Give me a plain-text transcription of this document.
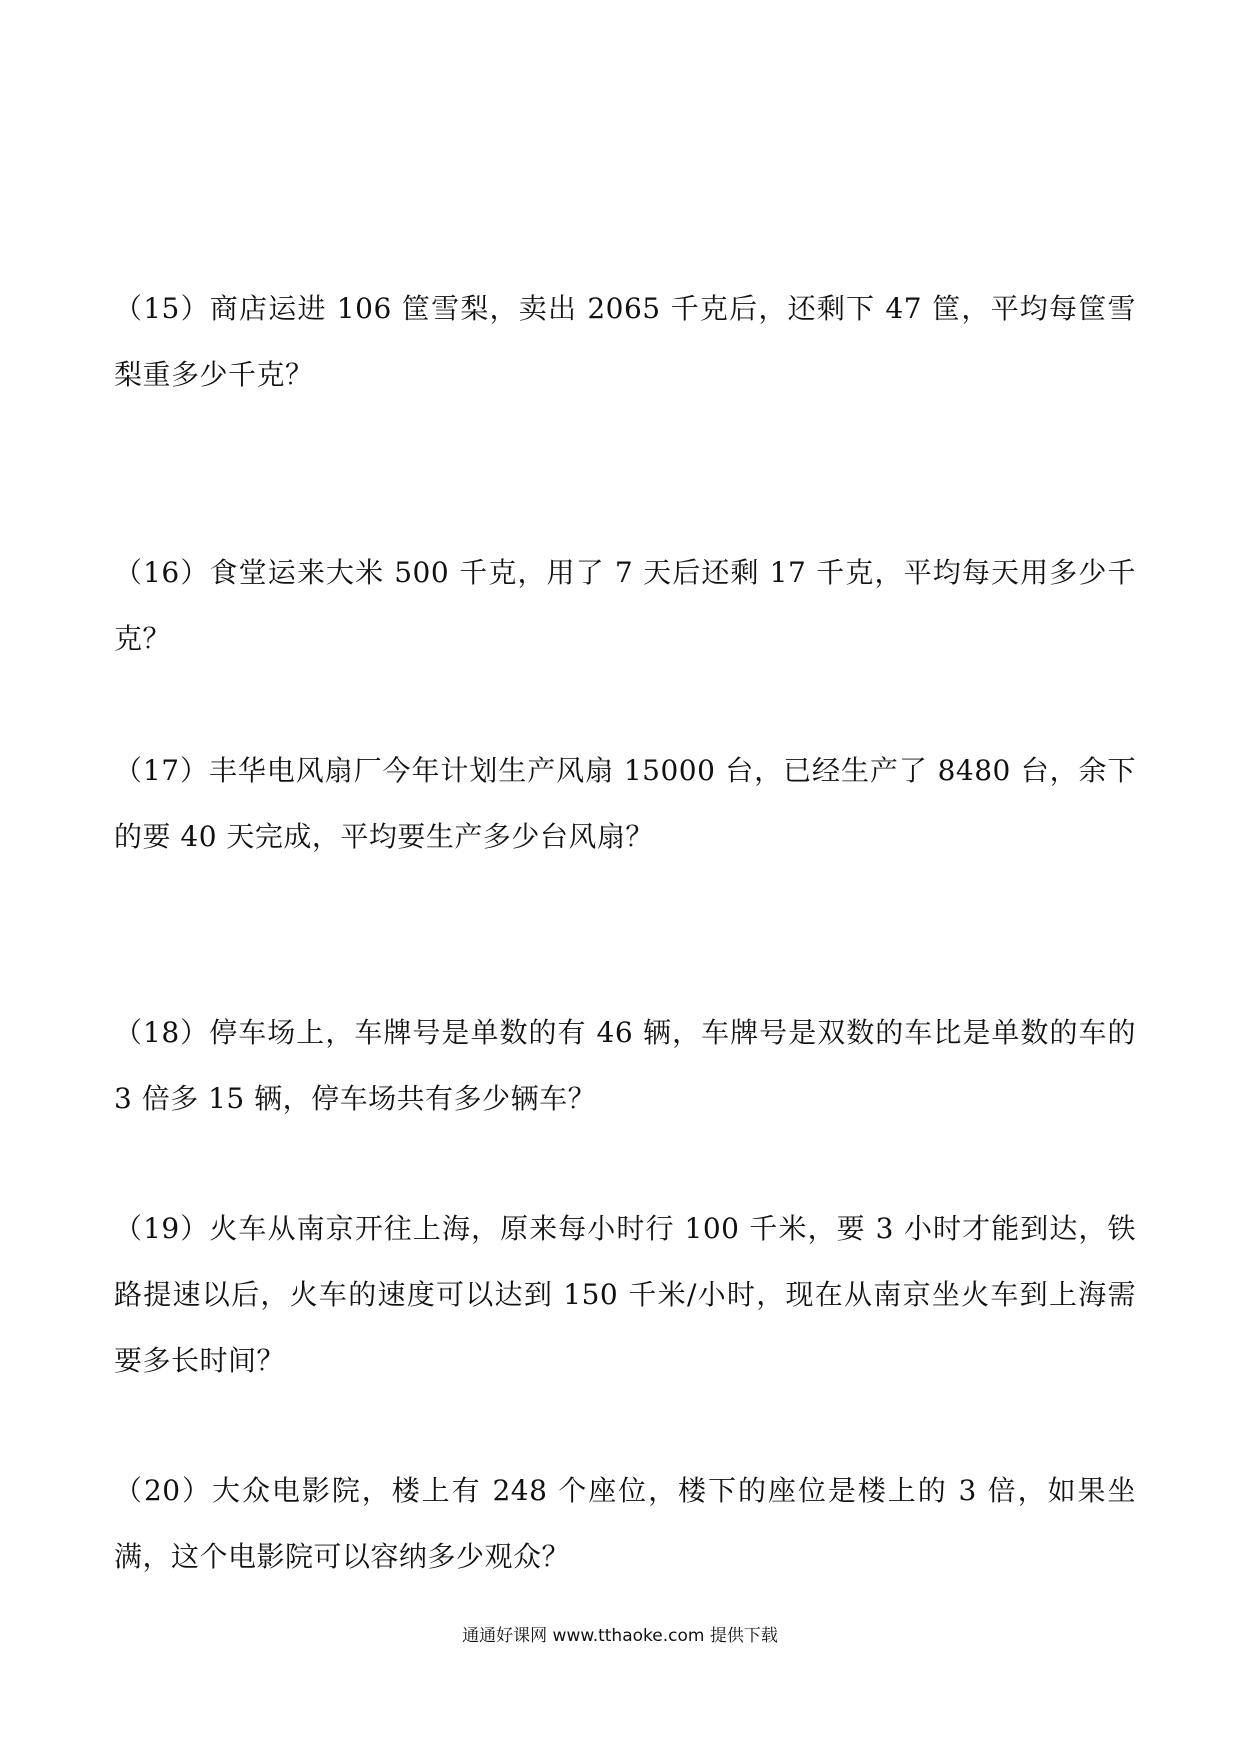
（15）商店运进 106 筐雪梨，卖出 2065 千克后，还剩下 47 筐，平均每筐雪梨重多少千克？
（16）食堂运来大米 500 千克，用了 7 天后还剩 17 千克，平均每天用多少千克？
（17）丰华电风扇厂今年计划生产风扇 15000 台，已经生产了 8480 台，余下的要 40 天完成，平均要生产多少台风扇？
（18）停车场上，车牌号是单数的有 46 辆，车牌号是双数的车比是单数的车的 3 倍多 15 辆，停车场共有多少辆车？
（19）火车从南京开往上海，原来每小时行 100 千米，要 3 小时才能到达，铁路提速以后，火车的速度可以达到 150 千米/小时，现在从南京坐火车到上海需要多长时间？
（20）大众电影院，楼上有 248 个座位，楼下的座位是楼上的 3 倍，如果坐满，这个电影院可以容纳多少观众？
通通好课网 www.tthaoke.com 提供下载
